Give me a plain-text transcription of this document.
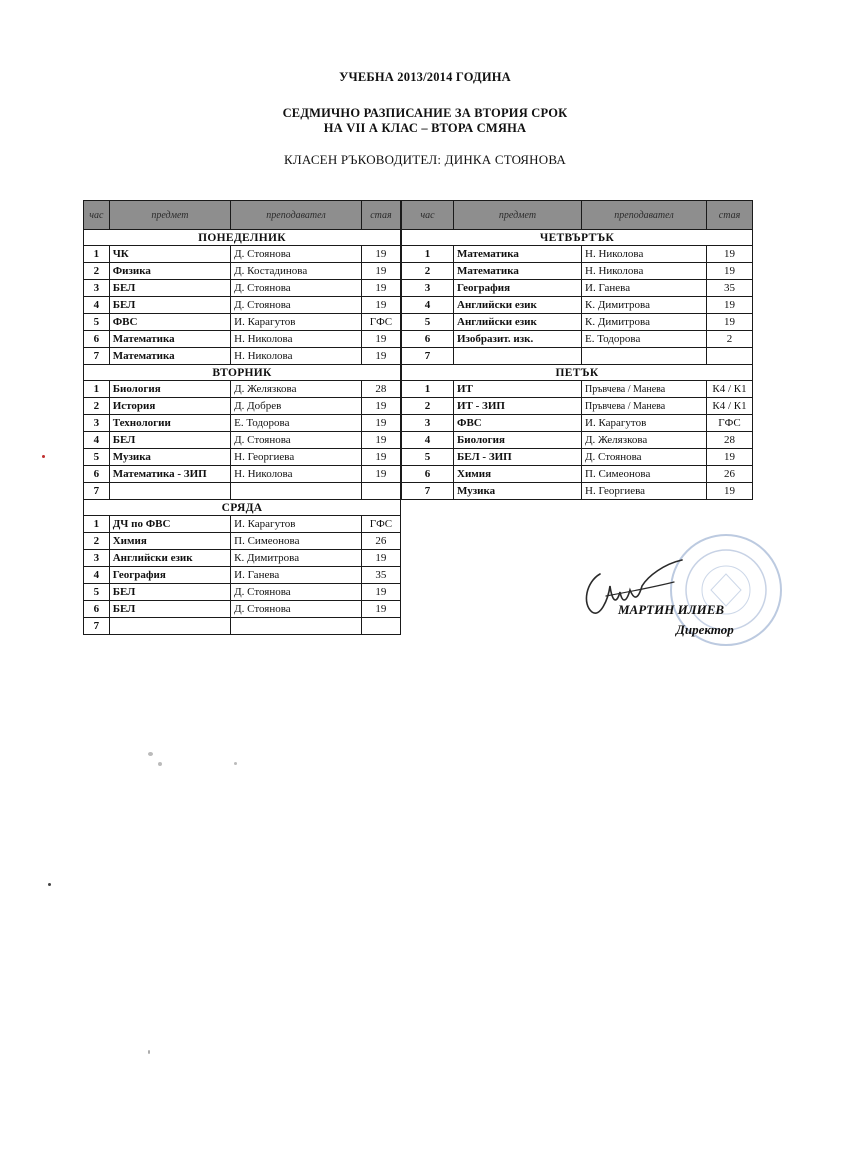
УЧЕБНА 2013/2014 ГОДИНА
СЕДМИЧНО РАЗПИСАНИЕ ЗА ВТОРИЯ СРОК
НА VII А КЛАС – ВТОРА СМЯНА
КЛАСЕН РЪКОВОДИТЕЛ: ДИНКА СТОЯНОВА
час	предмет	преподавател	стая
ПОНЕДЕЛНИК			
1	ЧК	Д. Стоянова	19
2	Физика	Д. Костадинова	19
3	БЕЛ	Д. Стоянова	19
4	БЕЛ	Д. Стоянова	19
5	ФВС	И. Карагутов	ГФС
6	Математика	Н. Николова	19
7	Математика	Н. Николова	19
ВТОРНИК			
1	Биология	Д. Желязкова	28
2	История	Д. Добрев	19
3	Технологии	Е. Тодорова	19
4	БЕЛ	Д. Стоянова	19
5	Музика	Н. Георгиева	19
6	Математика - ЗИП	Н. Николова	19
7			
СРЯДА			
1	ДЧ по ФВС	И. Карагутов	ГФС
2	Химия	П. Симеонова	26
3	Английски език	К. Димитрова	19
4	География	И. Ганева	35
5	БЕЛ	Д. Стоянова	19
6	БЕЛ	Д. Стоянова	19
7			
час	предмет	преподавател	стая
ЧЕТВЪРТЪК			
1	Математика	Н. Николова	19
2	Математика	Н. Николова	19
3	География	И. Ганева	35
4	Английски език	К. Димитрова	19
5	Английски език	К. Димитрова	19
6	Изобразит. изк.	Е. Тодорова	2
7			
ПЕТЪК			
1	ИТ	Пръвчева / Манева	К4 / К1
2	ИТ - ЗИП	Пръвчева / Манева	К4 / К1
3	ФВС	И. Карагутов	ГФС
4	Биология	Д. Желязкова	28
5	БЕЛ - ЗИП	Д. Стоянова	19
6	Химия	П. Симеонова	26
7	Музика	Н. Георгиева	19
МАРТИН ИЛИЕВ
Директор
